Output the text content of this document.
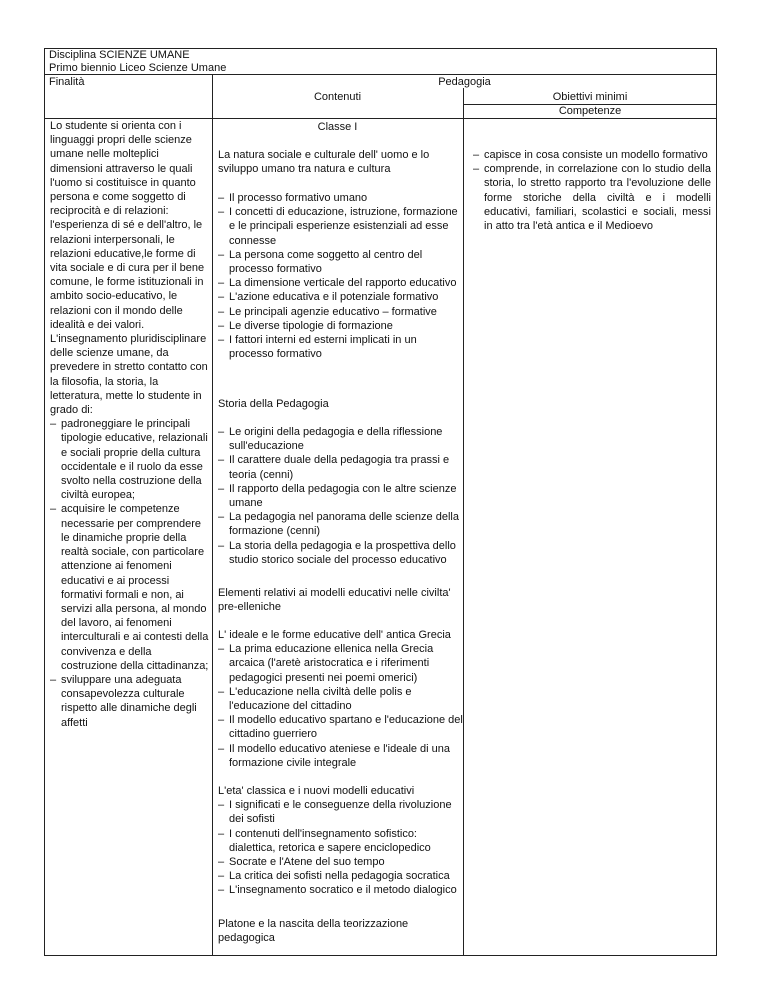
Disciplina SCIENZE UMANE
Primo biennio Liceo Scienze Umane
Finalità	Pedagogia
Contenuti	Obiettivi minimi
Competenze

Lo studente si orienta con i linguaggi propri delle scienze umane nelle molteplici dimensioni attraverso le quali l'uomo si costituisce in quanto persona e come soggetto di reciprocità e di relazioni: l'esperienza di sé e dell'altro, le relazioni interpersonali, le relazioni educative,le forme di vita sociale e di cura per il bene comune, le forme istituzionali in ambito socio-educativo, le relazioni con il mondo delle idealità e dei valori.

L'insegnamento pluridisciplinare delle scienze umane, da prevedere in stretto contatto con la filosofia, la storia, la letteratura, mette lo studente in grado di:

– padroneggiare le principali tipologie educative, relazionali e sociali proprie della cultura occidentale e il ruolo da esse svolto nella costruzione della civiltà europea;
– acquisire le competenze necessarie per comprendere le dinamiche proprie della realtà sociale, con particolare attenzione ai fenomeni educativi e ai processi formativi formali e non, ai servizi alla persona, al mondo del lavoro, ai fenomeni interculturali e ai contesti della convivenza e della costruzione della cittadinanza;
– sviluppare una adeguata consapevolezza culturale rispetto alle dinamiche degli affetti
Classe I

La natura sociale e culturale dell' uomo e lo sviluppo umano tra natura e cultura

– Il processo formativo umano
– I concetti di educazione, istruzione, formazione e le principali esperienze esistenziali ad esse connesse
– La persona come soggetto al centro del processo formativo
– La dimensione verticale del rapporto educativo
– L'azione educativa e il potenziale formativo
– Le principali agenzie educativo – formative
– Le diverse tipologie di formazione
– I fattori interni ed esterni implicati in un processo formativo

Storia della Pedagogia

– Le origini della pedagogia e della riflessione sull'educazione
– Il carattere duale della pedagogia tra prassi e teoria (cenni)
– Il rapporto della pedagogia con le altre scienze umane
– La pedagogia nel panorama delle scienze della formazione (cenni)
– La storia della pedagogia e la prospettiva dello studio storico sociale del processo educativo

Elementi relativi ai modelli educativi nelle civilta' pre-elleniche

L' ideale e le forme educative dell' antica Grecia

– La prima educazione ellenica nella Grecia arcaica (l'aretè aristocratica e i riferimenti pedagogici presenti nei poemi omerici)
– L'educazione nella civiltà delle polis e l'educazione del cittadino
– Il modello educativo spartano e l'educazione del cittadino guerriero
– Il modello educativo ateniese e l'ideale di una formazione civile integrale

L'eta' classica e i nuovi modelli educativi

– I significati e le conseguenze della rivoluzione dei sofisti
– I contenuti dell'insegnamento sofistico: dialettica, retorica e sapere enciclopedico
– Socrate e l'Atene del suo tempo
– La critica dei sofisti nella pedagogia socratica
– L'insegnamento socratico e il metodo dialogico

Platone e la nascita della teorizzazione pedagogica

– capisce in cosa consiste un modello formativo
– comprende, in correlazione con lo studio della storia, lo stretto rapporto tra l'evoluzione delle forme storiche della civiltà e i modelli educativi, familiari, scolastici e sociali, messi in atto tra l'età antica e il Medioevo
